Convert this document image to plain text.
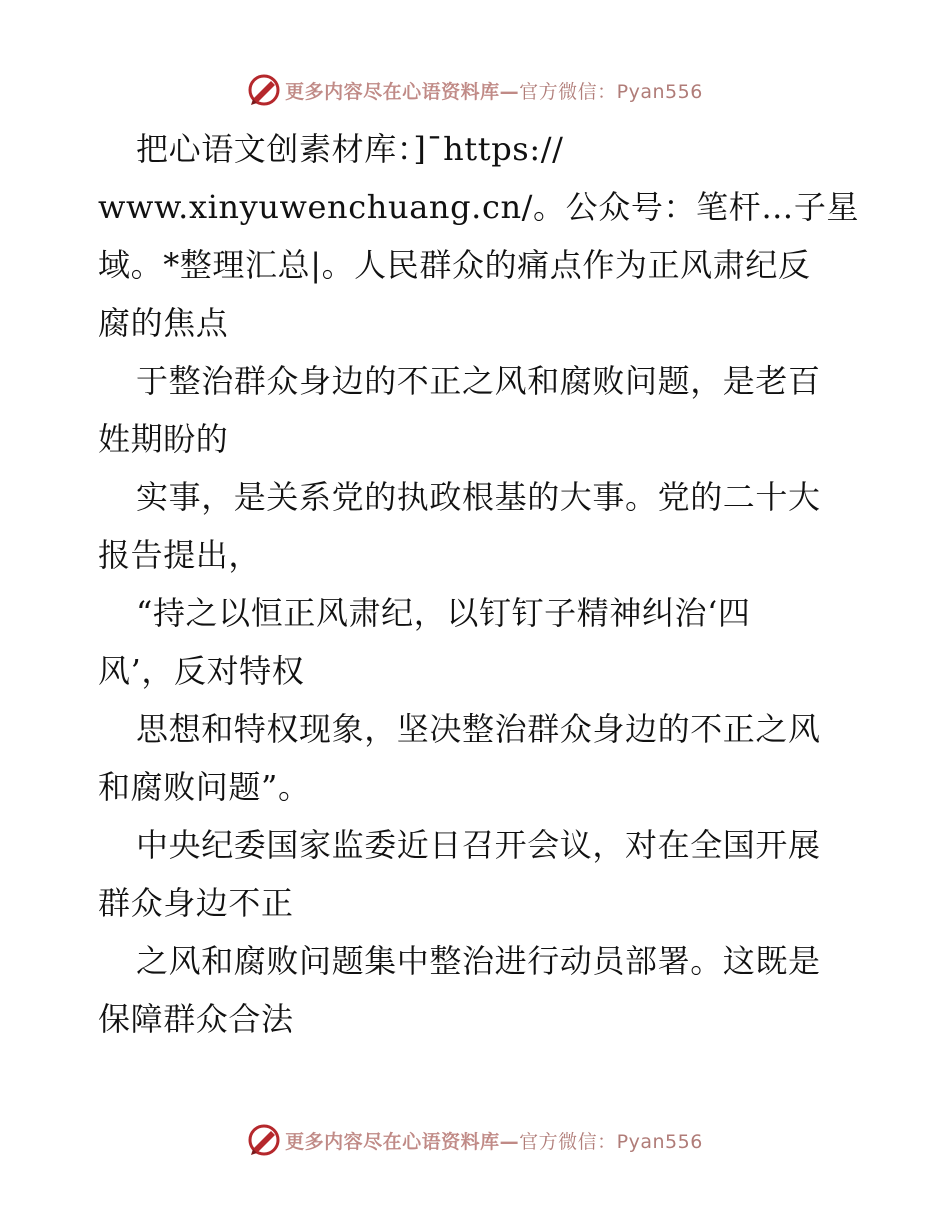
更多内容尽在心语资料库—官方微信：Pyan556
把心语文创素材库：]¯https://
www.xinyuwenchuang.cn/。公众号：笔杆…子星
域。*整理汇总|。人民群众的痛点作为正风肃纪反
腐的焦点
于整治群众身边的不正之风和腐败问题，是老百
姓期盼的
实事，是关系党的执政根基的大事。党的二十大
报告提出，
“持之以恒正风肃纪，以钉钉子精神纠治‘四
风’，反对特权
思想和特权现象，坚决整治群众身边的不正之风
和腐败问题”。
中央纪委国家监委近日召开会议，对在全国开展
群众身边不正
之风和腐败问题集中整治进行动员部署。这既是
保障群众合法
更多内容尽在心语资料库—官方微信：Pyan556
